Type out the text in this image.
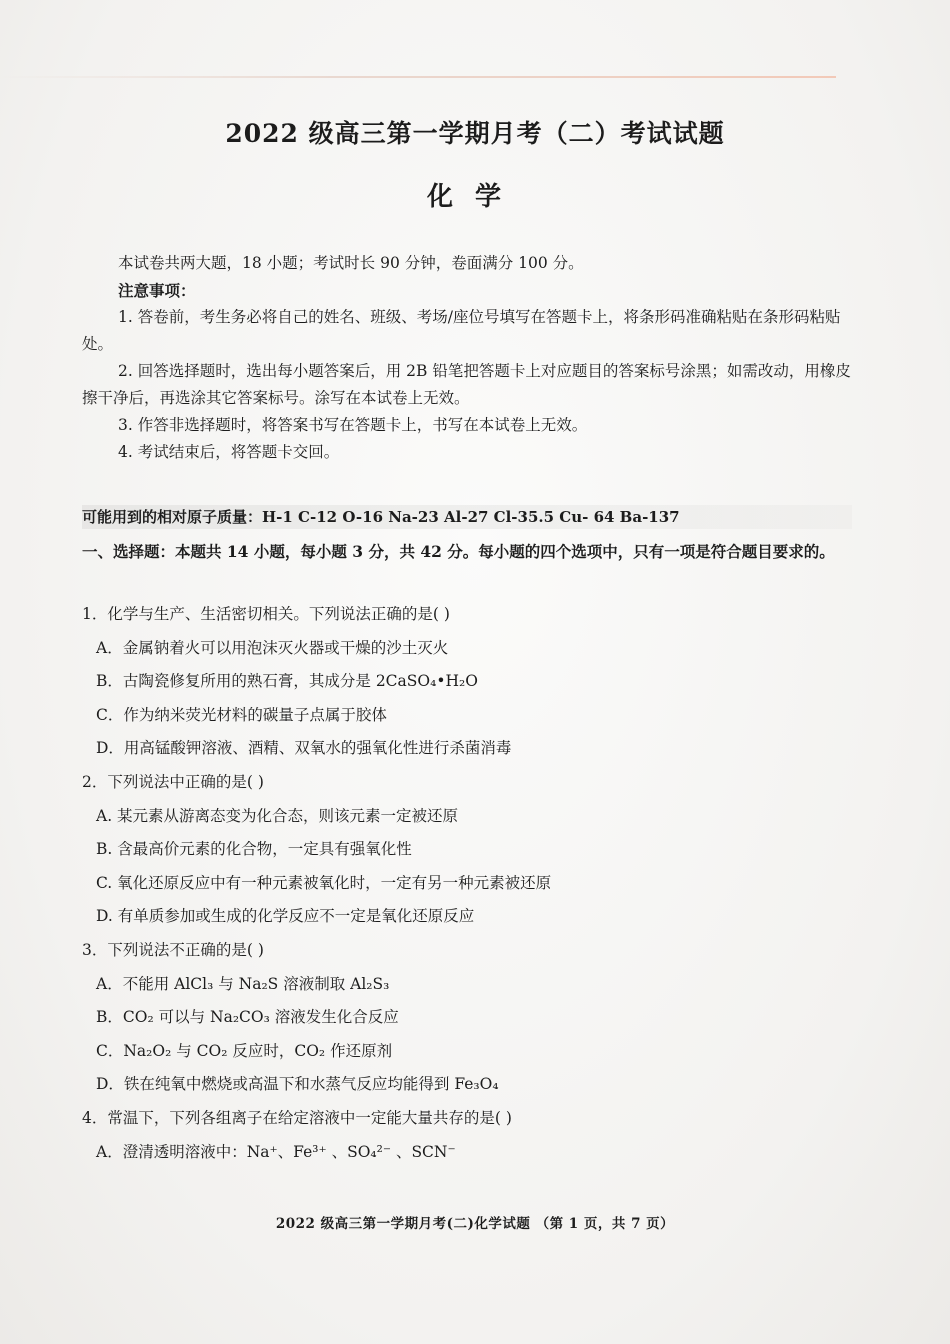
2022 级高三第一学期月考（二）考试试题
化学

本试卷共两大题，18 小题；考试时长 90 分钟，卷面满分 100 分。

注意事项：

1. 答卷前，考生务必将自己的姓名、班级、考场/座位号填写在答题卡上，将条形码准确粘贴在条形码粘贴处。

2. 回答选择题时，选出每小题答案后，用 2B 铅笔把答题卡上对应题目的答案标号涂黑；如需改动，用橡皮擦干净后，再选涂其它答案标号。涂写在本试卷上无效。

3. 作答非选择题时，将答案书写在答题卡上，书写在本试卷上无效。

4. 考试结束后，将答题卡交回。

可能用到的相对原子质量：H-1 C-12 O-16 Na-23 Al-27 Cl-35.5 Cu- 64 Ba-137
一、选择题：本题共 14 小题，每小题 3 分，共 42 分。每小题的四个选项中，只有一项是符合题目要求的。

1．化学与生产、生活密切相关。下列说法正确的是( )

A．金属钠着火可以用泡沫灭火器或干燥的沙土灭火

B．古陶瓷修复所用的熟石膏，其成分是 2CaSO₄•H₂O

C．作为纳米荧光材料的碳量子点属于胶体

D．用高锰酸钾溶液、酒精、双氧水的强氧化性进行杀菌消毒

2．下列说法中正确的是( )

A. 某元素从游离态变为化合态，则该元素一定被还原

B. 含最高价元素的化合物，一定具有强氧化性

C. 氧化还原反应中有一种元素被氧化时，一定有另一种元素被还原

D. 有单质参加或生成的化学反应不一定是氧化还原反应

3．下列说法不正确的是( )

A．不能用 AlCl₃ 与 Na₂S 溶液制取 Al₂S₃

B．CO₂ 可以与 Na₂CO₃ 溶液发生化合反应

C．Na₂O₂ 与 CO₂ 反应时，CO₂ 作还原剂

D．铁在纯氧中燃烧或高温下和水蒸气反应均能得到 Fe₃O₄

4．常温下，下列各组离子在给定溶液中一定能大量共存的是( )

A．澄清透明溶液中：Na⁺、Fe³⁺ 、SO₄²⁻ 、SCN⁻

2022 级高三第一学期月考(二)化学试题 （第 1 页，共 7 页）
